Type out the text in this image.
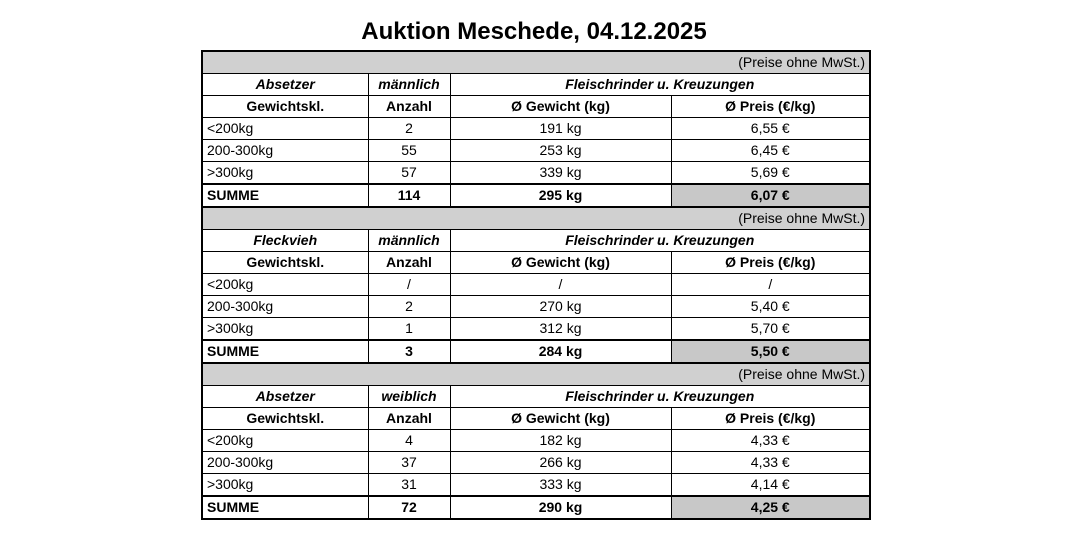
Auktion Meschede, 04.12.2025
(Preise ohne MwSt.)			
Absetzer	männlich	Fleischrinder u. Kreuzungen	
Gewichtskl.	Anzahl	Ø Gewicht (kg)	Ø Preis (€/kg)
<200kg	2	191 kg	6,55 €
200-300kg	55	253 kg	6,45 €
>300kg	57	339 kg	5,69 €
SUMME	114	295 kg	6,07 €
(Preise ohne MwSt.)			
Fleckvieh	männlich	Fleischrinder u. Kreuzungen	
Gewichtskl.	Anzahl	Ø Gewicht (kg)	Ø Preis (€/kg)
<200kg	/	/	/
200-300kg	2	270 kg	5,40 €
>300kg	1	312 kg	5,70 €
SUMME	3	284 kg	5,50 €
(Preise ohne MwSt.)			
Absetzer	weiblich	Fleischrinder u. Kreuzungen	
Gewichtskl.	Anzahl	Ø Gewicht (kg)	Ø Preis (€/kg)
<200kg	4	182 kg	4,33 €
200-300kg	37	266 kg	4,33 €
>300kg	31	333 kg	4,14 €
SUMME	72	290 kg	4,25 €
